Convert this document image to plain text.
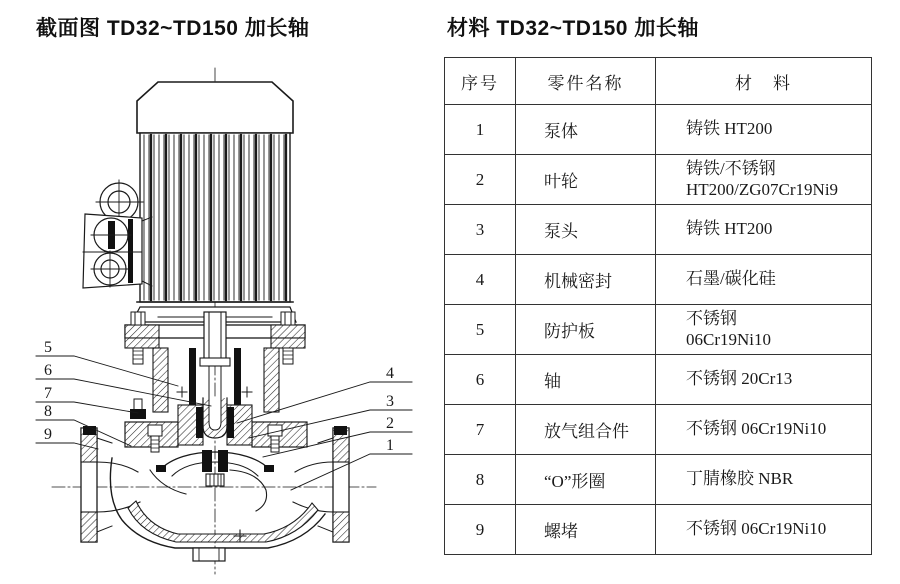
截面图 TD32~TD150 加长轴	材料 TD32~TD150 加长轴
5
6
7
8
9
4
3
2
1
序号	零件名称	材　料
1	泵体	铸铁 HT200

2	叶轮	铸铁/不锈钢
HT200/ZG07Cr19Ni9

3	泵头	铸铁 HT200

4	机械密封	石墨/碳化硅

5	防护板	不锈钢
06Cr19Ni10

6	轴	不锈钢 20Cr13

7	放气组合件	不锈钢 06Cr19Ni10

8	“O”形圈	丁腈橡胶 NBR

9	螺堵	不锈钢 06Cr19Ni10
